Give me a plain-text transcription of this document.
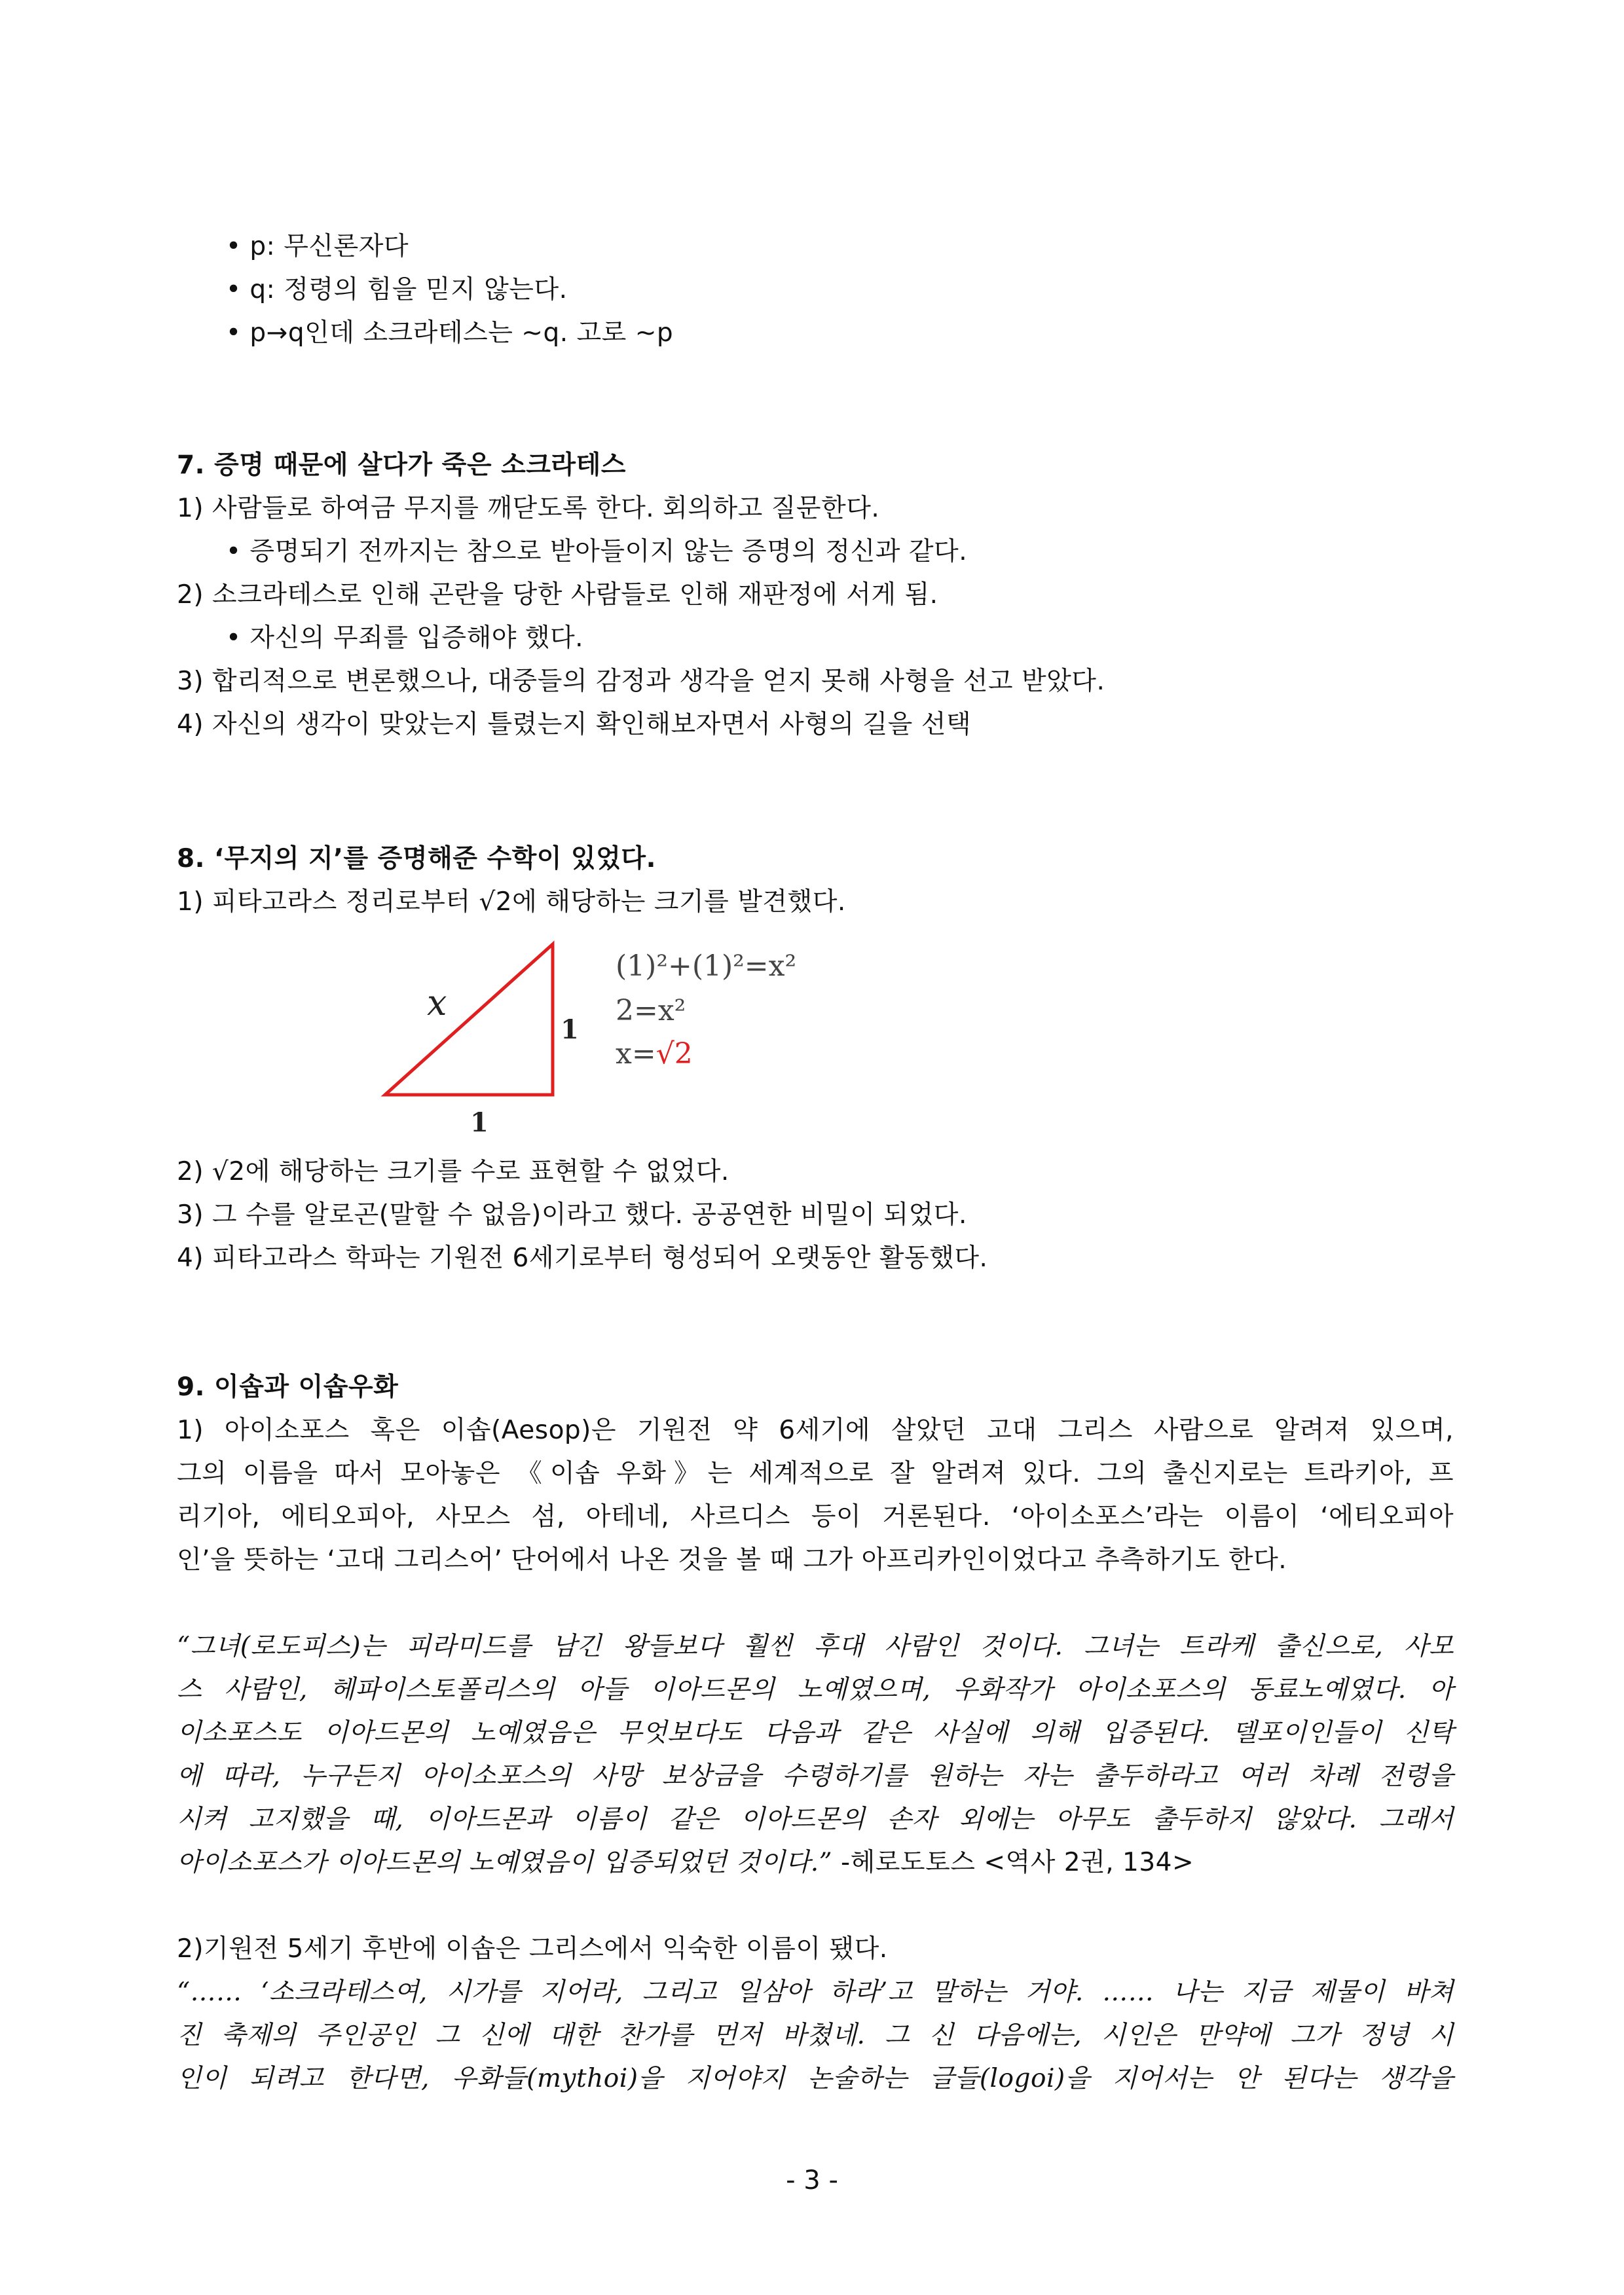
• p: 무신론자다
• q: 정령의 힘을 믿지 않는다.
• p→q인데 소크라테스는 ~q. 고로 ~p
7. 증명 때문에 살다가 죽은 소크라테스
1) 사람들로 하여금 무지를 깨닫도록 한다. 회의하고 질문한다.
• 증명되기 전까지는 참으로 받아들이지 않는 증명의 정신과 같다.
2) 소크라테스로 인해 곤란을 당한 사람들로 인해 재판정에 서게 됨.
• 자신의 무죄를 입증해야 했다.
3) 합리적으로 변론했으나, 대중들의 감정과 생각을 얻지 못해 사형을 선고 받았다.
4) 자신의 생각이 맞았는지 틀렸는지 확인해보자면서 사형의 길을 선택
8. ‘무지의 지’를 증명해준 수학이 있었다.
1) 피타고라스 정리로부터 √2에 해당하는 크기를 발견했다.
x
1
1
(1)²+(1)²=x²
2=x²
x=√2
2) √2에 해당하는 크기를 수로 표현할 수 없었다.
3) 그 수를 알로곤(말할 수 없음)이라고 했다. 공공연한 비밀이 되었다.
4) 피타고라스 학파는 기원전 6세기로부터 형성되어 오랫동안 활동했다.
9. 이솝과 이솝우화
1) 아이소포스 혹은 이솝(Aesop)은 기원전 약 6세기에 살았던 고대 그리스 사람으로 알려져 있으며,
그의 이름을 따서 모아놓은 《이솝 우화》는 세계적으로 잘 알려져 있다. 그의 출신지로는 트라키아, 프
리기아, 에티오피아, 사모스 섬, 아테네, 사르디스 등이 거론된다. ‘아이소포스’라는 이름이 ‘에티오피아
인’을 뜻하는 ‘고대 그리스어’ 단어에서 나온 것을 볼 때 그가 아프리카인이었다고 추측하기도 한다.
“그녀(로도피스)는 피라미드를 남긴 왕들보다 훨씬 후대 사람인 것이다. 그녀는 트라케 출신으로, 사모
스 사람인, 헤파이스토폴리스의 아들 이아드몬의 노예였으며, 우화작가 아이소포스의 동료노예였다. 아
이소포스도 이아드몬의 노예였음은 무엇보다도 다음과 같은 사실에 의해 입증된다. 델포이인들이 신탁
에 따라, 누구든지 아이소포스의 사망 보상금을 수령하기를 원하는 자는 출두하라고 여러 차례 전령을
시켜 고지했을 때, 이아드몬과 이름이 같은 이아드몬의 손자 외에는 아무도 출두하지 않았다. 그래서
아이소포스가 이아드몬의 노예였음이 입증되었던 것이다.” -헤로도토스 <역사 2권, 134>
2)기원전 5세기 후반에 이솝은 그리스에서 익숙한 이름이 됐다.
“…… ‘소크라테스여, 시가를 지어라, 그리고 일삼아 하라’고 말하는 거야. …… 나는 지금 제물이 바쳐
진 축제의 주인공인 그 신에 대한 찬가를 먼저 바쳤네. 그 신 다음에는, 시인은 만약에 그가 정녕 시
인이 되려고 한다면, 우화들(mythoi)을 지어야지 논술하는 글들(logoi)을 지어서는 안 된다는 생각을
- 3 -
